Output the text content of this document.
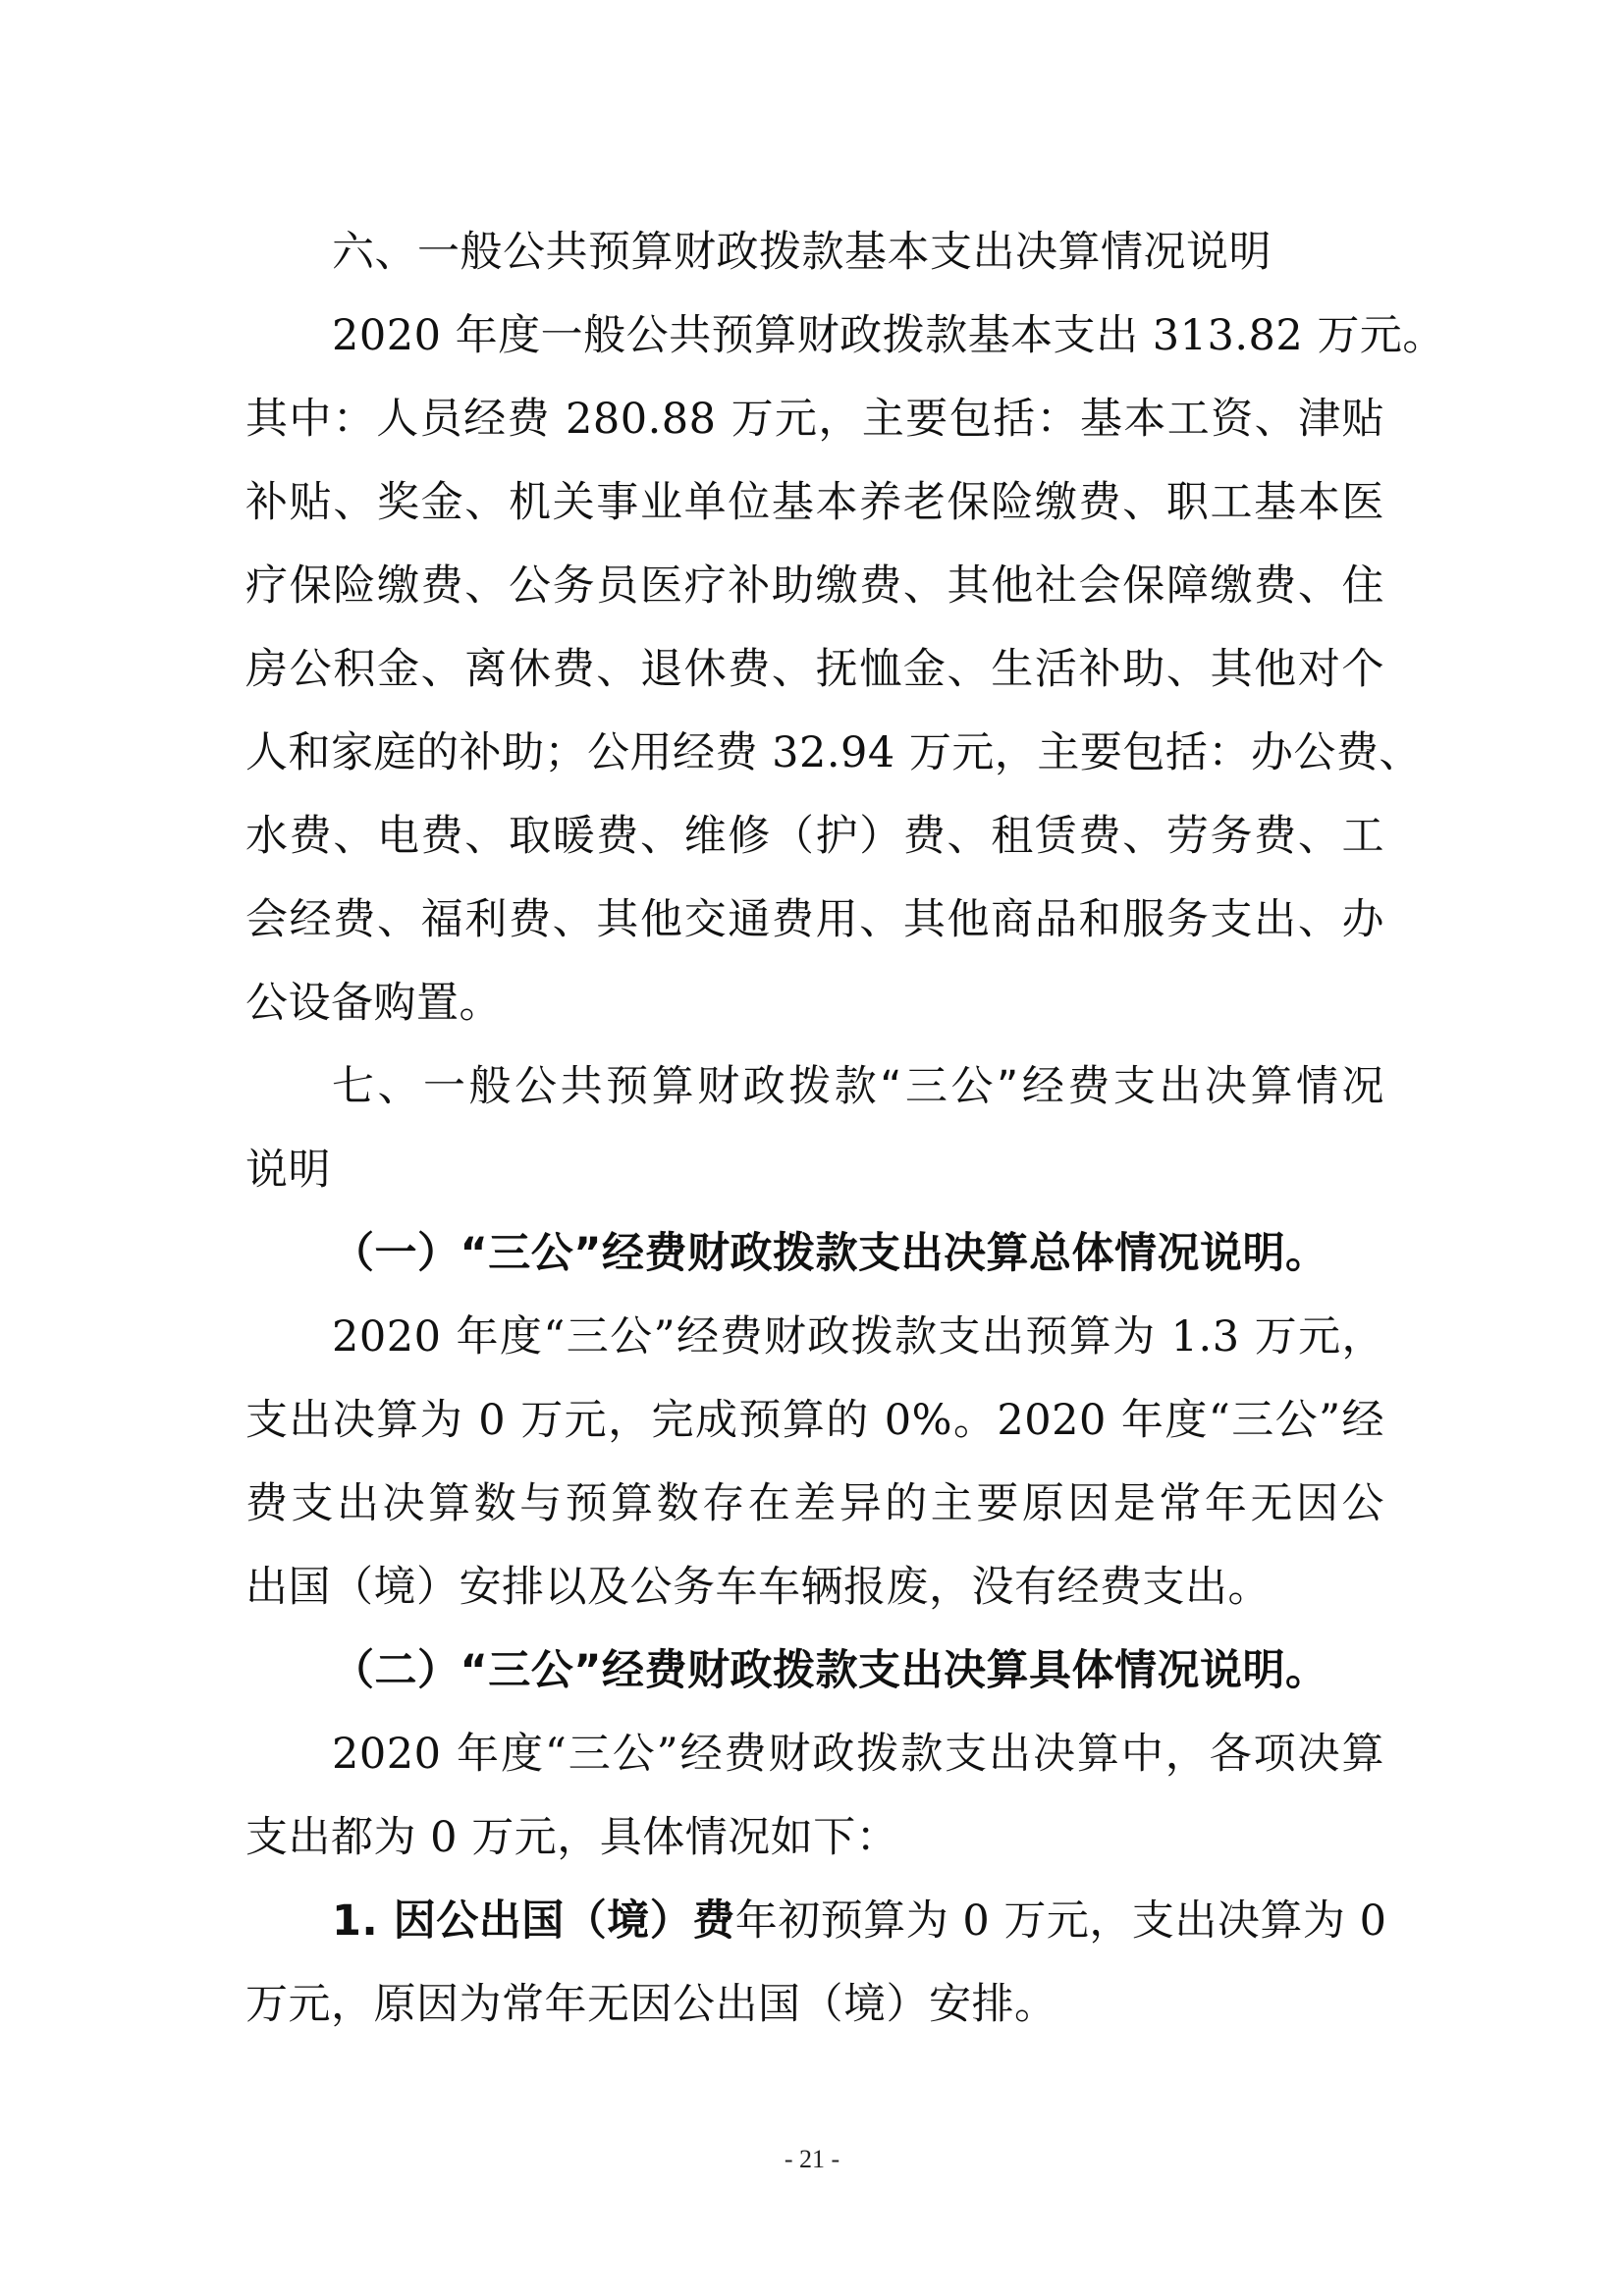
六、一般公共预算财政拨款基本支出决算情况说明
2020 年度一般公共预算财政拨款基本支出 313.82 万元。
其中：人员经费 280.88 万元，主要包括：基本工资、津贴
补贴、奖金、机关事业单位基本养老保险缴费、职工基本医
疗保险缴费、公务员医疗补助缴费、其他社会保障缴费、住
房公积金、离休费、退休费、抚恤金、生活补助、其他对个
人和家庭的补助；公用经费 32.94 万元，主要包括：办公费、
水费、电费、取暖费、维修（护）费、租赁费、劳务费、工
会经费、福利费、其他交通费用、其他商品和服务支出、办
公设备购置。
七、一般公共预算财政拨款“三公”经费支出决算情况
说明
（一）“三公”经费财政拨款支出决算总体情况说明。
2020 年度“三公”经费财政拨款支出预算为 1.3 万元，
支出决算为 0 万元，完成预算的 0%。2020 年度“三公”经
费支出决算数与预算数存在差异的主要原因是常年无因公
出国（境）安排以及公务车车辆报废，没有经费支出。
（二）“三公”经费财政拨款支出决算具体情况说明。
2020 年度“三公”经费财政拨款支出决算中，各项决算
支出都为 0 万元，具体情况如下：
1. 因公出国（境）费年初预算为 0 万元，支出决算为 0
万元，原因为常年无因公出国（境）安排。
- 21 -
